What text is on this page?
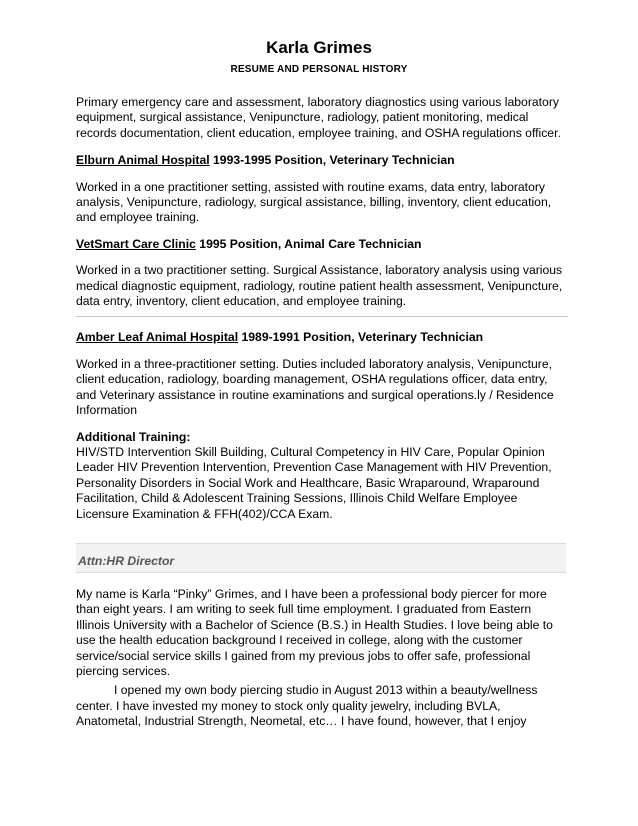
Karla Grimes
RESUME AND PERSONAL HISTORY

Primary emergency care and assessment, laboratory diagnostics using various laboratory equipment, surgical assistance, Venipuncture, radiology, patient monitoring, medical records documentation, client education, employee training, and OSHA regulations officer.

Elburn Animal Hospital 1993-1995 Position, Veterinary Technician

Worked in a one practitioner setting, assisted with routine exams, data entry, laboratory analysis, Venipuncture, radiology, surgical assistance, billing, inventory, client education, and employee training.

VetSmart Care Clinic 1995 Position, Animal Care Technician

Worked in a two practitioner setting. Surgical Assistance, laboratory analysis using various medical diagnostic equipment, radiology, routine patient health assessment, Venipuncture, data entry, inventory, client education, and employee training.

Amber Leaf Animal Hospital 1989-1991 Position, Veterinary Technician

Worked in a three-practitioner setting. Duties included laboratory analysis, Venipuncture, client education, radiology, boarding management, OSHA regulations officer, data entry, and Veterinary assistance in routine examinations and surgical operations.ly / Residence Information

Additional Training:

HIV/STD Intervention Skill Building, Cultural Competency in HIV Care, Popular Opinion Leader HIV Prevention Intervention, Prevention Case Management with HIV Prevention, Personality Disorders in Social Work and Healthcare, Basic Wraparound, Wraparound Facilitation, Child & Adolescent Training Sessions, Illinois Child Welfare Employee Licensure Examination & FFH(402)/CCA Exam.

Attn:HR Director

My name is Karla “Pinky” Grimes, and I have been a professional body piercer for more than eight years. I am writing to seek full time employment. I graduated from Eastern Illinois University with a Bachelor of Science (B.S.) in Health Studies. I love being able to use the health education background I received in college, along with the customer service/social service skills I gained from my previous jobs to offer safe, professional piercing services.

I opened my own body piercing studio in August 2013 within a beauty/wellness center. I have invested my money to stock only quality jewelry, including BVLA, Anatometal, Industrial Strength, Neometal, etc… I have found, however, that I enjoy
